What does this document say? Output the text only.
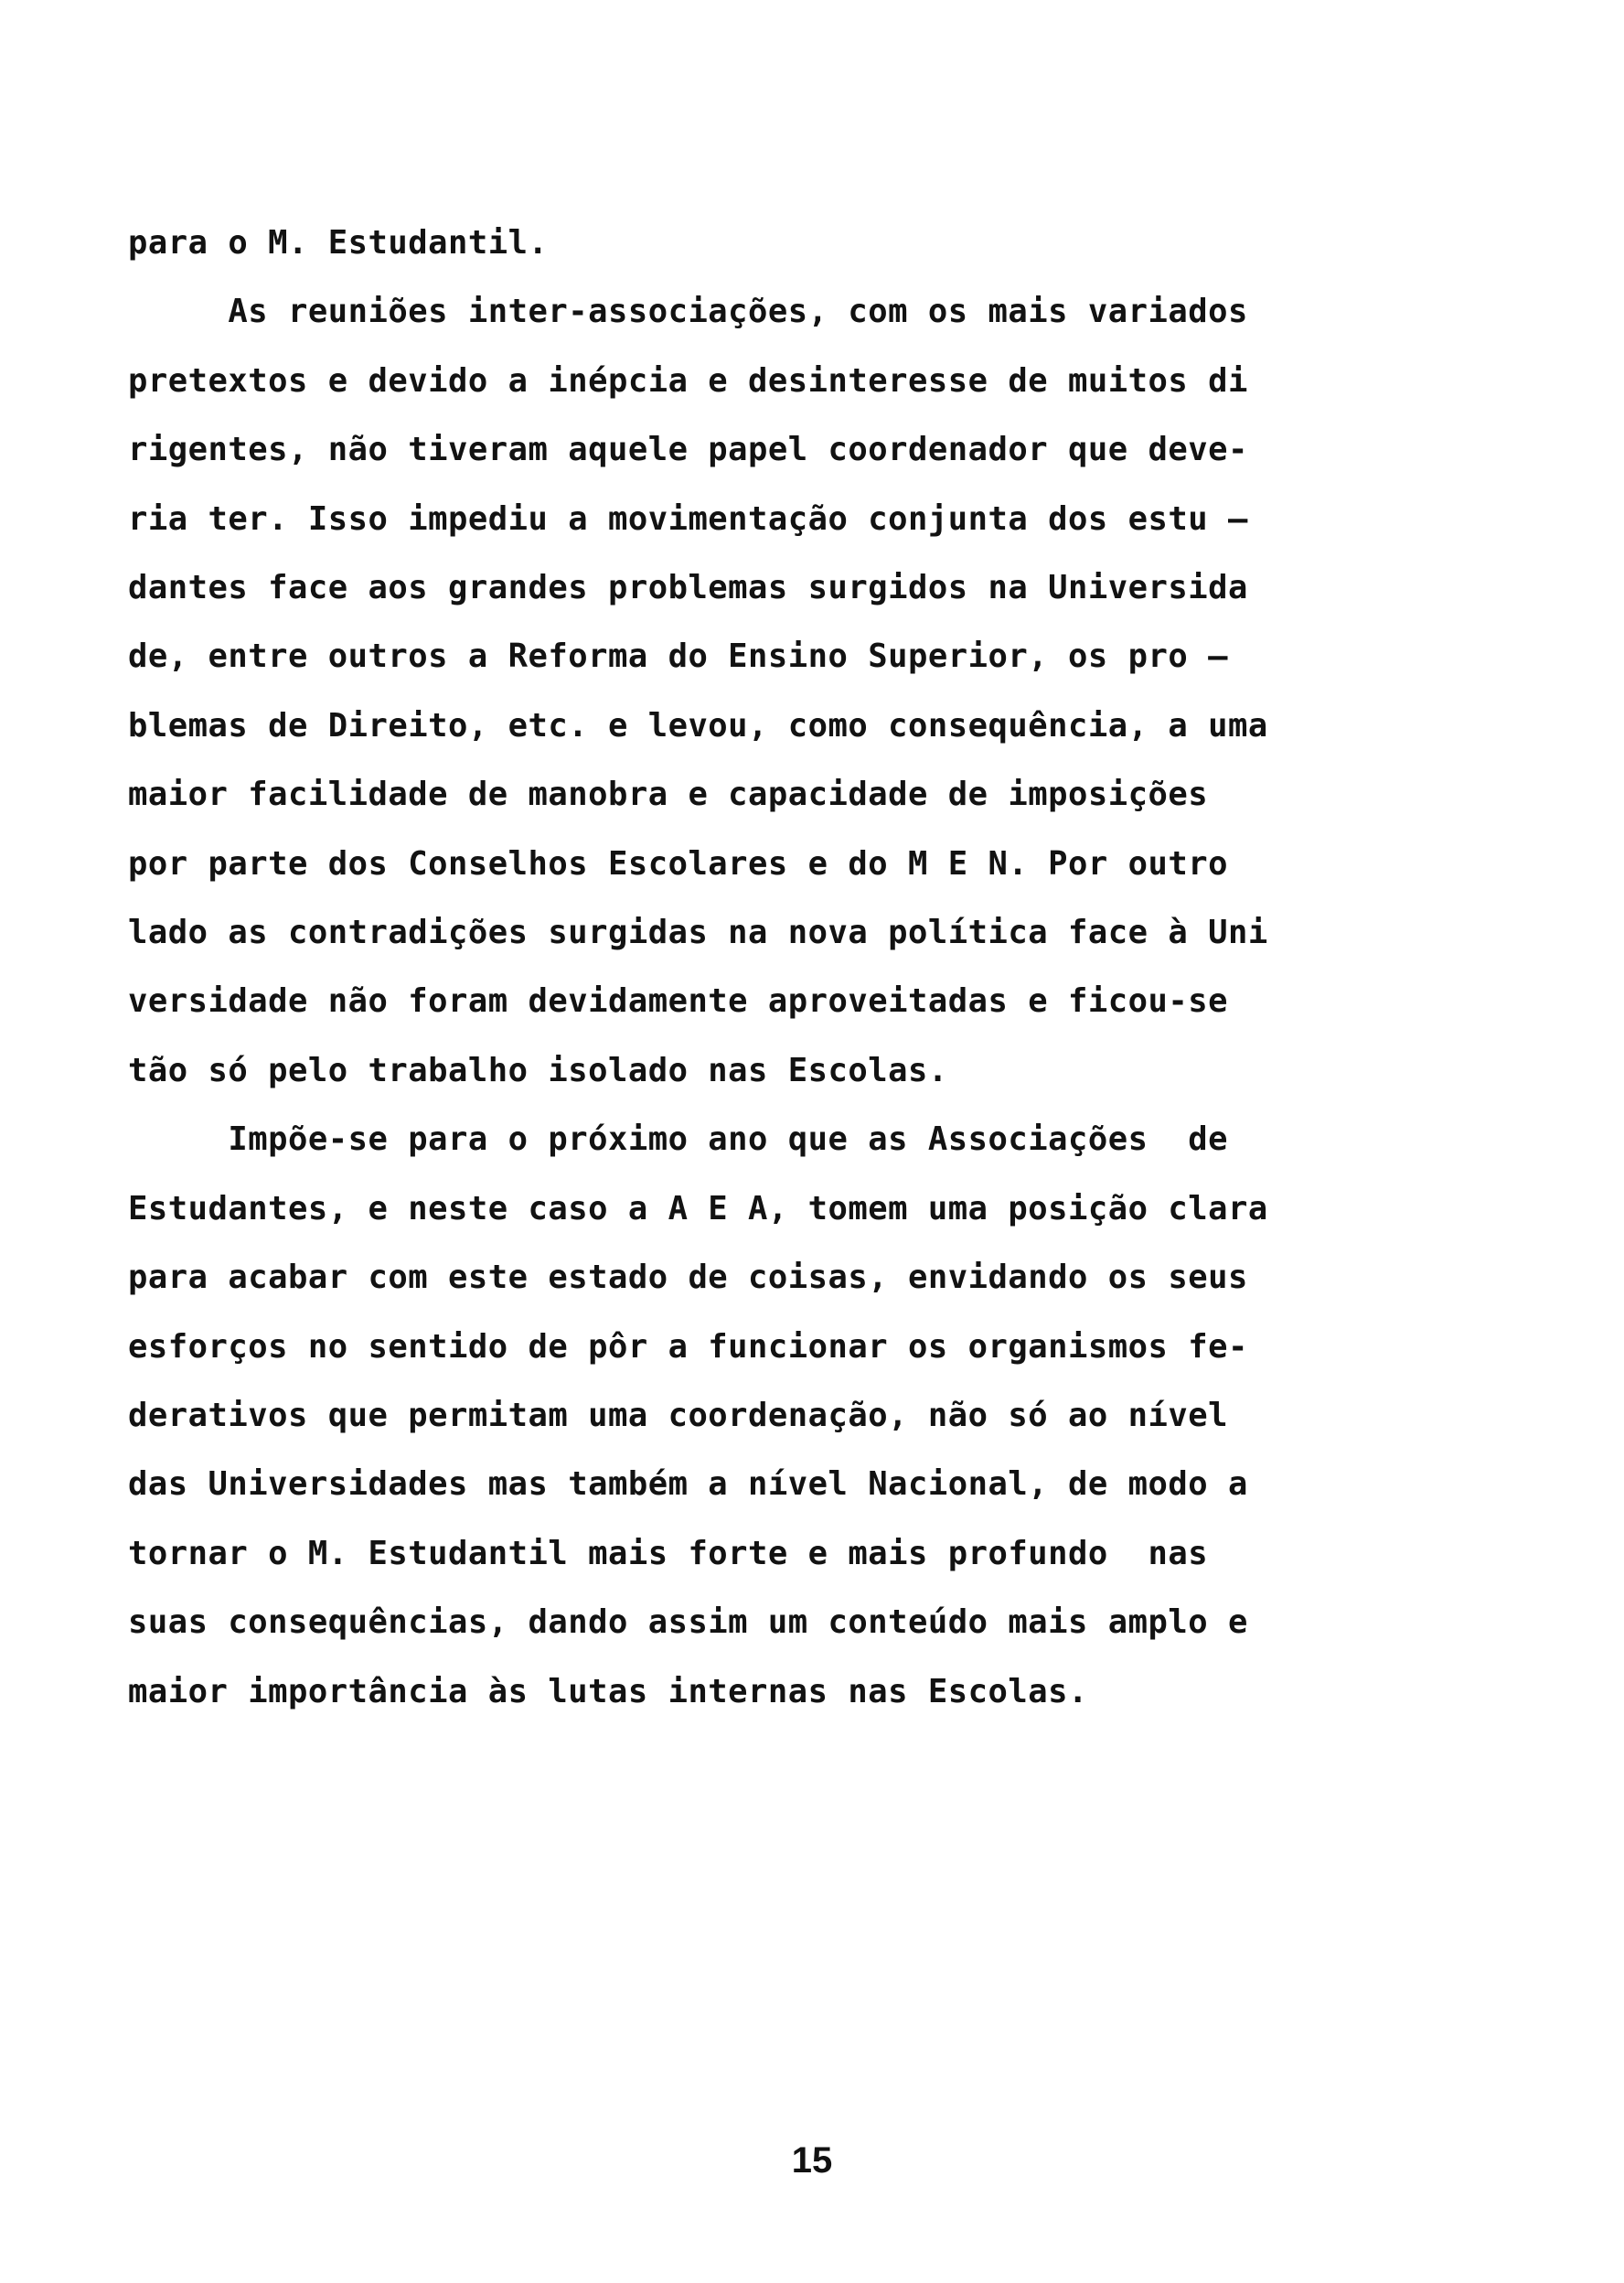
para o M. Estudantil.
As reuniões inter-associações, com os mais variados
pretextos e devido a inépcia e desinteresse de muitos di
rigentes, não tiveram aquele papel coordenador que deve-
ria ter. Isso impediu a movimentação conjunta dos estu –
dantes face aos grandes problemas surgidos na Universida
de, entre outros a Reforma do Ensino Superior, os pro –
blemas de Direito, etc. e levou, como consequência, a uma
maior facilidade de manobra e capacidade de imposições
por parte dos Conselhos Escolares e do M E N. Por outro
lado as contradições surgidas na nova política face à Uni
versidade não foram devidamente aproveitadas e ficou-se
tão só pelo trabalho isolado nas Escolas.
Impõe-se para o próximo ano que as Associações  de
Estudantes, e neste caso a A E A, tomem uma posição clara
para acabar com este estado de coisas, envidando os seus
esforços no sentido de pôr a funcionar os organismos fe-
derativos que permitam uma coordenação, não só ao nível
das Universidades mas também a nível Nacional, de modo a
tornar o M. Estudantil mais forte e mais profundo  nas
suas consequências, dando assim um conteúdo mais amplo e
maior importância às lutas internas nas Escolas.
15
